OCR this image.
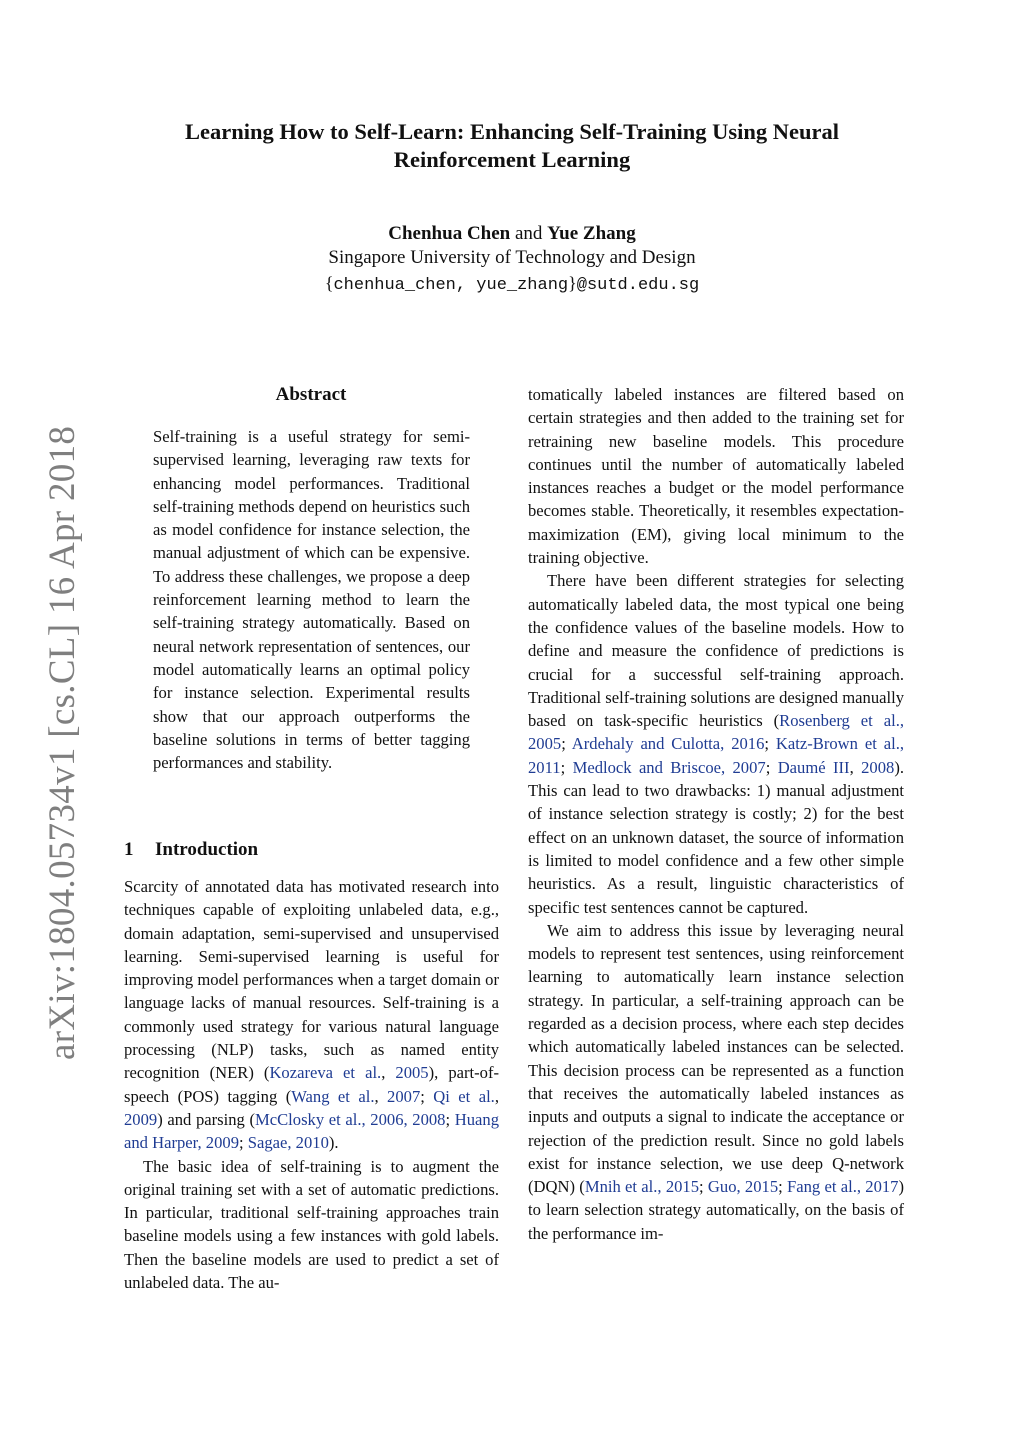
arXiv:1804.05734v1 [cs.CL] 16 Apr 2018
Learning How to Self-Learn: Enhancing Self-Training Using Neural Reinforcement Learning
Chenhua Chen and Yue Zhang
Singapore University of Technology and Design
{chenhua_chen, yue_zhang}@sutd.edu.sg
Abstract
Self-training is a useful strategy for semi-supervised learning, leveraging raw texts for enhancing model performances. Traditional self-training methods depend on heuristics such as model confidence for instance selection, the manual adjustment of which can be expensive. To address these challenges, we propose a deep reinforcement learning method to learn the self-training strategy automatically. Based on neural network representation of sentences, our model automatically learns an optimal policy for instance selection. Experimental results show that our approach outperforms the baseline solutions in terms of better tagging performances and stability.
1 Introduction

Scarcity of annotated data has motivated research into techniques capable of exploiting unlabeled data, e.g., domain adaptation, semi-supervised and unsupervised learning. Semi-supervised learning is useful for improving model performances when a target domain or language lacks of manual resources. Self-training is a commonly used strategy for various natural language processing (NLP) tasks, such as named entity recognition (NER) (Kozareva et al., 2005), part-of-speech (POS) tagging (Wang et al., 2007; Qi et al., 2009) and parsing (McClosky et al., 2006, 2008; Huang and Harper, 2009; Sagae, 2010).

The basic idea of self-training is to augment the original training set with a set of automatic predictions. In particular, traditional self-training approaches train baseline models using a few instances with gold labels. Then the baseline models are used to predict a set of unlabeled data. The au-

tomatically labeled instances are filtered based on certain strategies and then added to the training set for retraining new baseline models. This procedure continues until the number of automatically labeled instances reaches a budget or the model performance becomes stable. Theoretically, it resembles expectation-maximization (EM), giving local minimum to the training objective.

There have been different strategies for selecting automatically labeled data, the most typical one being the confidence values of the baseline models. How to define and measure the confidence of predictions is crucial for a successful self-training approach. Traditional self-training solutions are designed manually based on task-specific heuristics (Rosenberg et al., 2005; Ardehaly and Culotta, 2016; Katz-Brown et al., 2011; Medlock and Briscoe, 2007; Daumé III, 2008). This can lead to two drawbacks: 1) manual adjustment of instance selection strategy is costly; 2) for the best effect on an unknown dataset, the source of information is limited to model confidence and a few other simple heuristics. As a result, linguistic characteristics of specific test sentences cannot be captured.

We aim to address this issue by leveraging neural models to represent test sentences, using reinforcement learning to automatically learn instance selection strategy. In particular, a self-training approach can be regarded as a decision process, where each step decides which automatically labeled instances can be selected. This decision process can be represented as a function that receives the automatically labeled instances as inputs and outputs a signal to indicate the acceptance or rejection of the prediction result. Since no gold labels exist for instance selection, we use deep Q-network (DQN) (Mnih et al., 2015; Guo, 2015; Fang et al., 2017) to learn selection strategy automatically, on the basis of the performance im-
